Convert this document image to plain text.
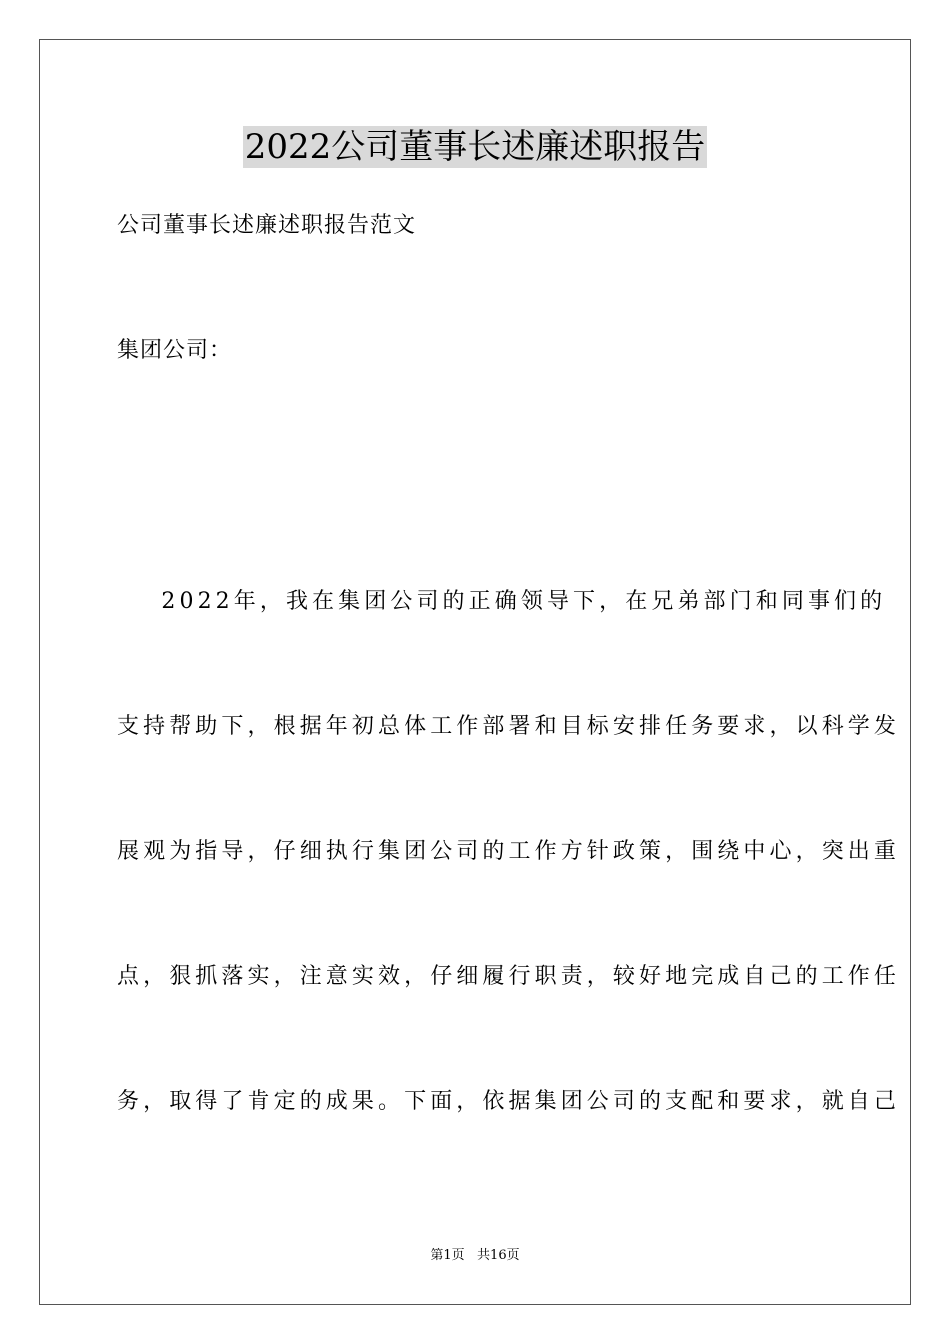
2022公司董事长述廉述职报告
公司董事长述廉述职报告范文
集团公司：
2022年，我在集团公司的正确领导下，在兄弟部门和同事们的
支持帮助下，根据年初总体工作部署和目标安排任务要求，以科学发
展观为指导，仔细执行集团公司的工作方针政策，围绕中心，突出重
点，狠抓落实，注意实效，仔细履行职责，较好地完成自己的工作任
务，取得了肯定的成果。下面，依据集团公司的支配和要求，就自己
第1页   共16页
